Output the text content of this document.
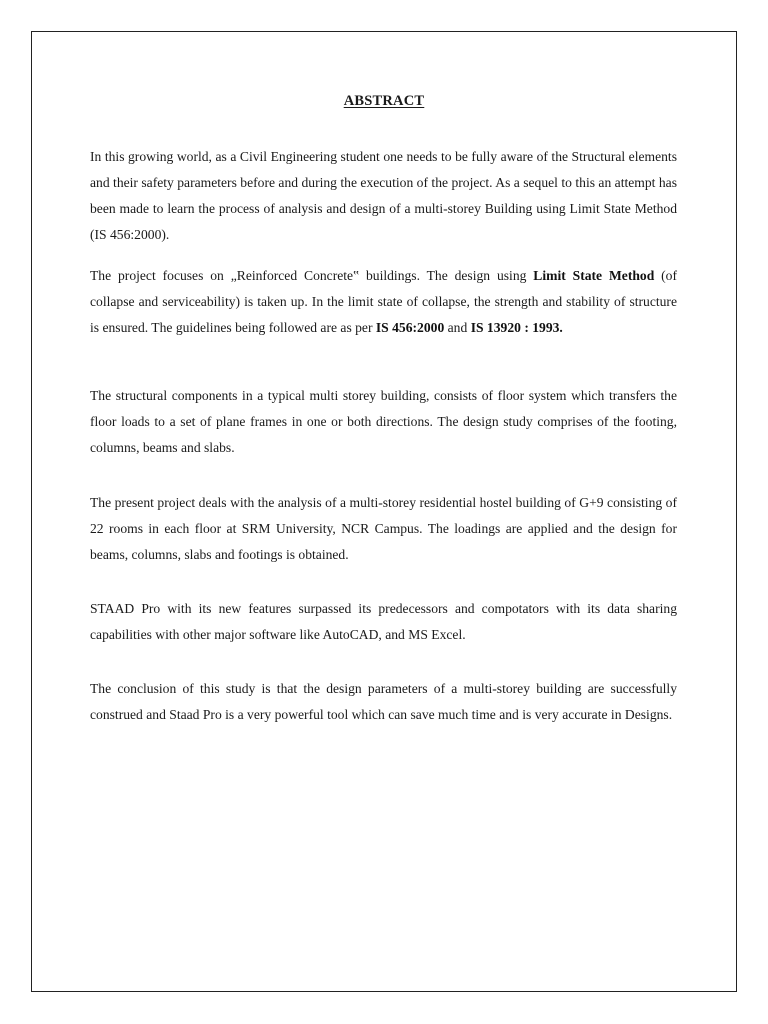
ABSTRACT

In this growing world, as a Civil Engineering student one needs to be fully aware of the Structural elements and their safety parameters before and during the execution of the project. As a sequel to this an attempt has been made to learn the process of analysis and design of a multi-storey Building using Limit State Method (IS 456:2000).

The project focuses on „Reinforced Concrete‟ buildings. The design using Limit State Method (of collapse and serviceability) is taken up. In the limit state of collapse, the strength and stability of structure is ensured. The guidelines being followed are as per IS 456:2000 and IS 13920 : 1993.

The structural components in a typical multi storey building, consists of floor system which transfers the floor loads to a set of plane frames in one or both directions. The design study comprises of the footing, columns, beams and slabs.

The present project deals with the analysis of a multi-storey residential hostel building of G+9 consisting of 22 rooms in each floor at SRM University, NCR Campus. The loadings are applied and the design for beams, columns, slabs and footings is obtained.

STAAD Pro with its new features surpassed its predecessors and compotators with its data sharing capabilities with other major software like AutoCAD, and MS Excel.

The conclusion of this study is that the design parameters of a multi-storey building are successfully construed and Staad Pro is a very powerful tool which can save much time and is very accurate in Designs.
